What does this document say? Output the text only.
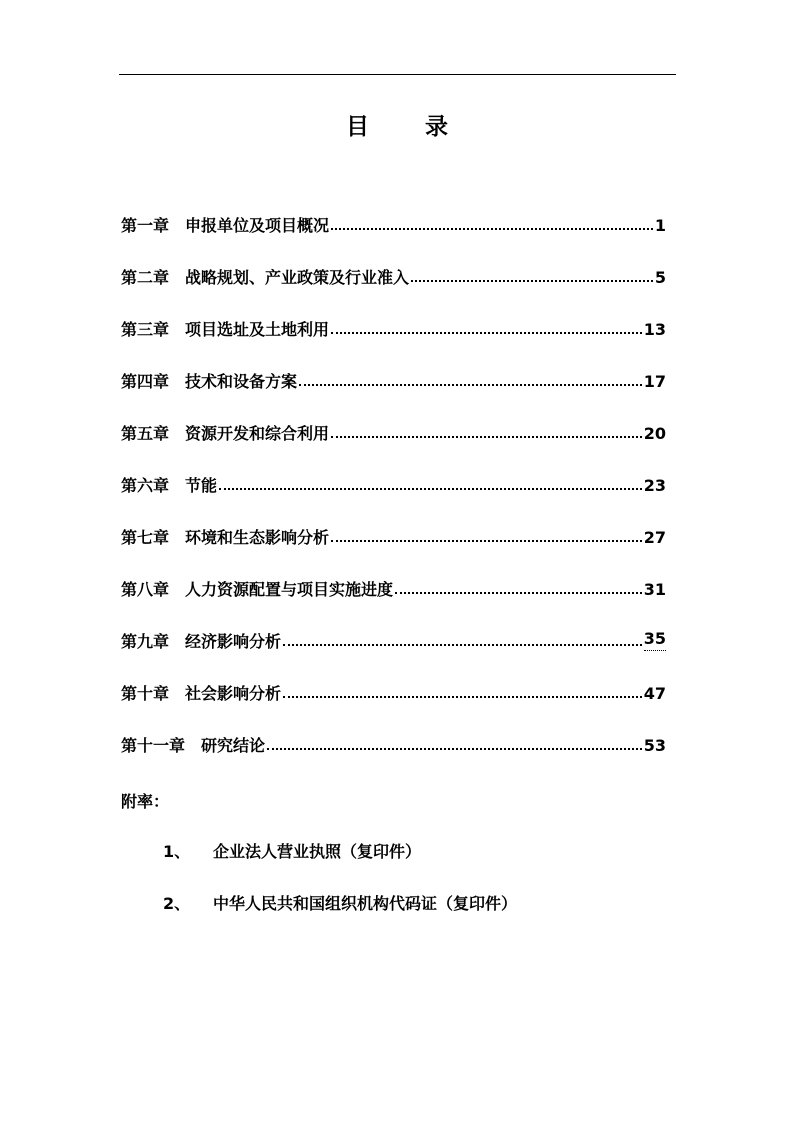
目 录
第一章 申报单位及项目概况	1
第二章 战略规划、产业政策及行业准入	5
第三章 项目选址及土地利用	13
第四章 技术和设备方案	17
第五章 资源开发和综合利用	20
第六章 节能	23
第七章 环境和生态影响分析	27
第八章 人力资源配置与项目实施进度	31
第九章 经济影响分析	35
第十章 社会影响分析	47
第十一章 研究结论	53
附率：
1、 企业法人营业执照（复印件）
2、 中华人民共和国组织机构代码证（复印件）
